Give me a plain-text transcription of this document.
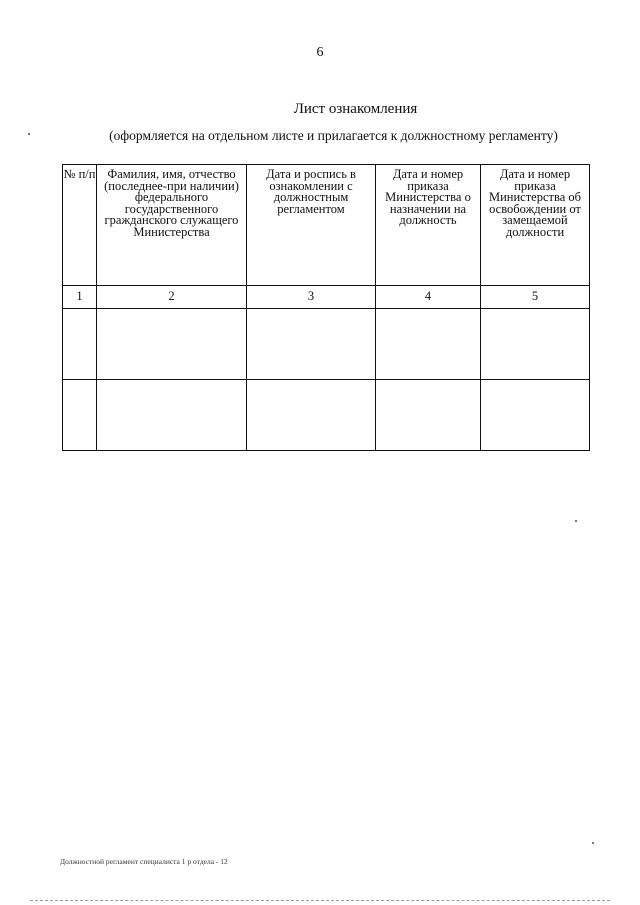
6
Лист ознакомления
(оформляется на отдельном листе и прилагается к должностному регламенту)
№ п/п	Фамилия, имя, отчество (последнее-при наличии) федерального государственного гражданского служащего Министерства	Дата и роспись в ознакомлении с должностным регламентом	Дата и номер приказа Министерства о назначении на должность	Дата и номер приказа Министерства об освобождении от замещаемой должности
1	2	3	4	5

Должностной регламент специалиста 1 р отдела - 12
